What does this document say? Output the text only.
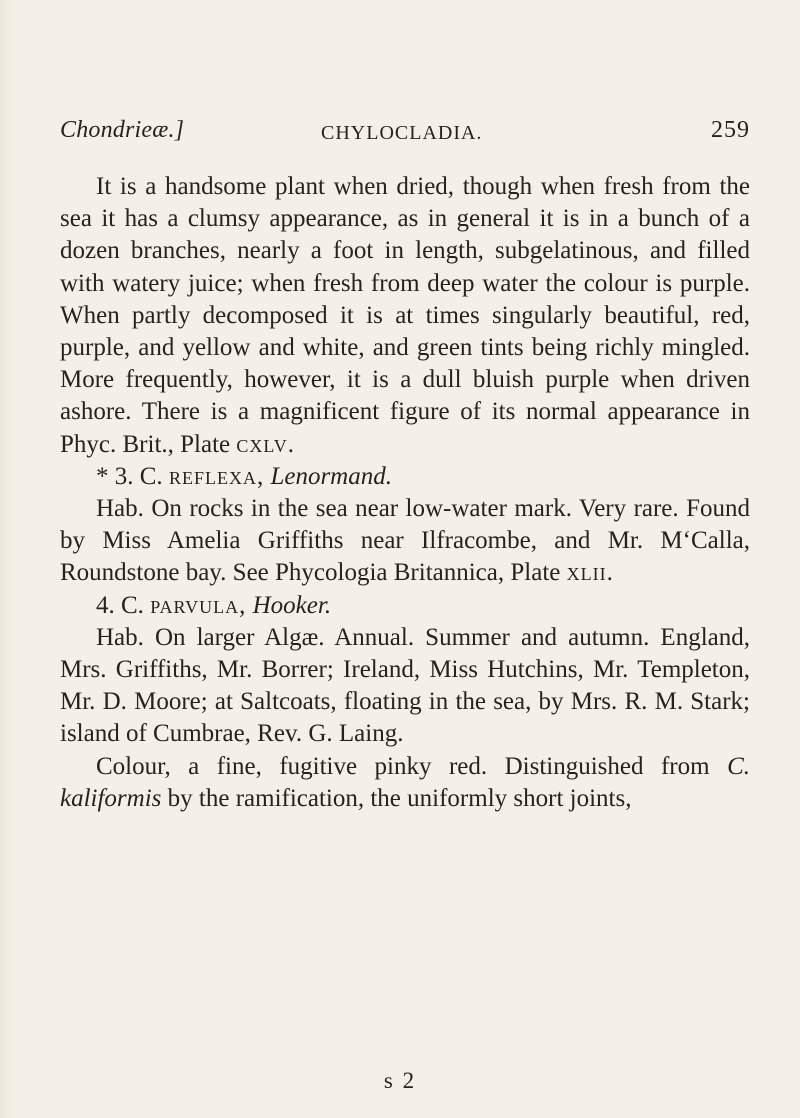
Chondrieæ.]	CHYLOCLADIA.	259

It is a handsome plant when dried, though when fresh from the sea it has a clumsy appearance, as in general it is in a bunch of a dozen branches, nearly a foot in length, subgelatinous, and filled with watery juice; when fresh from deep water the colour is purple. When partly decomposed it is at times singularly beautiful, red, purple, and yellow and white, and green tints being richly mingled. More frequently, however, it is a dull bluish purple when driven ashore. There is a magnificent figure of its normal appearance in Phyc. Brit., Plate cxlv.

* 3. C. reflexa, Lenormand.

Hab. On rocks in the sea near low-water mark. Very rare. Found by Miss Amelia Griffiths near Ilfracombe, and Mr. M‘Calla, Roundstone bay. See Phycologia Britannica, Plate xlii.

4. C. parvula, Hooker.

Hab. On larger Algæ. Annual. Summer and autumn. England, Mrs. Griffiths, Mr. Borrer; Ireland, Miss Hutchins, Mr. Templeton, Mr. D. Moore; at Saltcoats, floating in the sea, by Mrs. R. M. Stark; island of Cumbrae, Rev. G. Laing.

Colour, a fine, fugitive pinky red. Distinguished from C. kaliformis by the ramification, the uniformly short joints,

s 2
